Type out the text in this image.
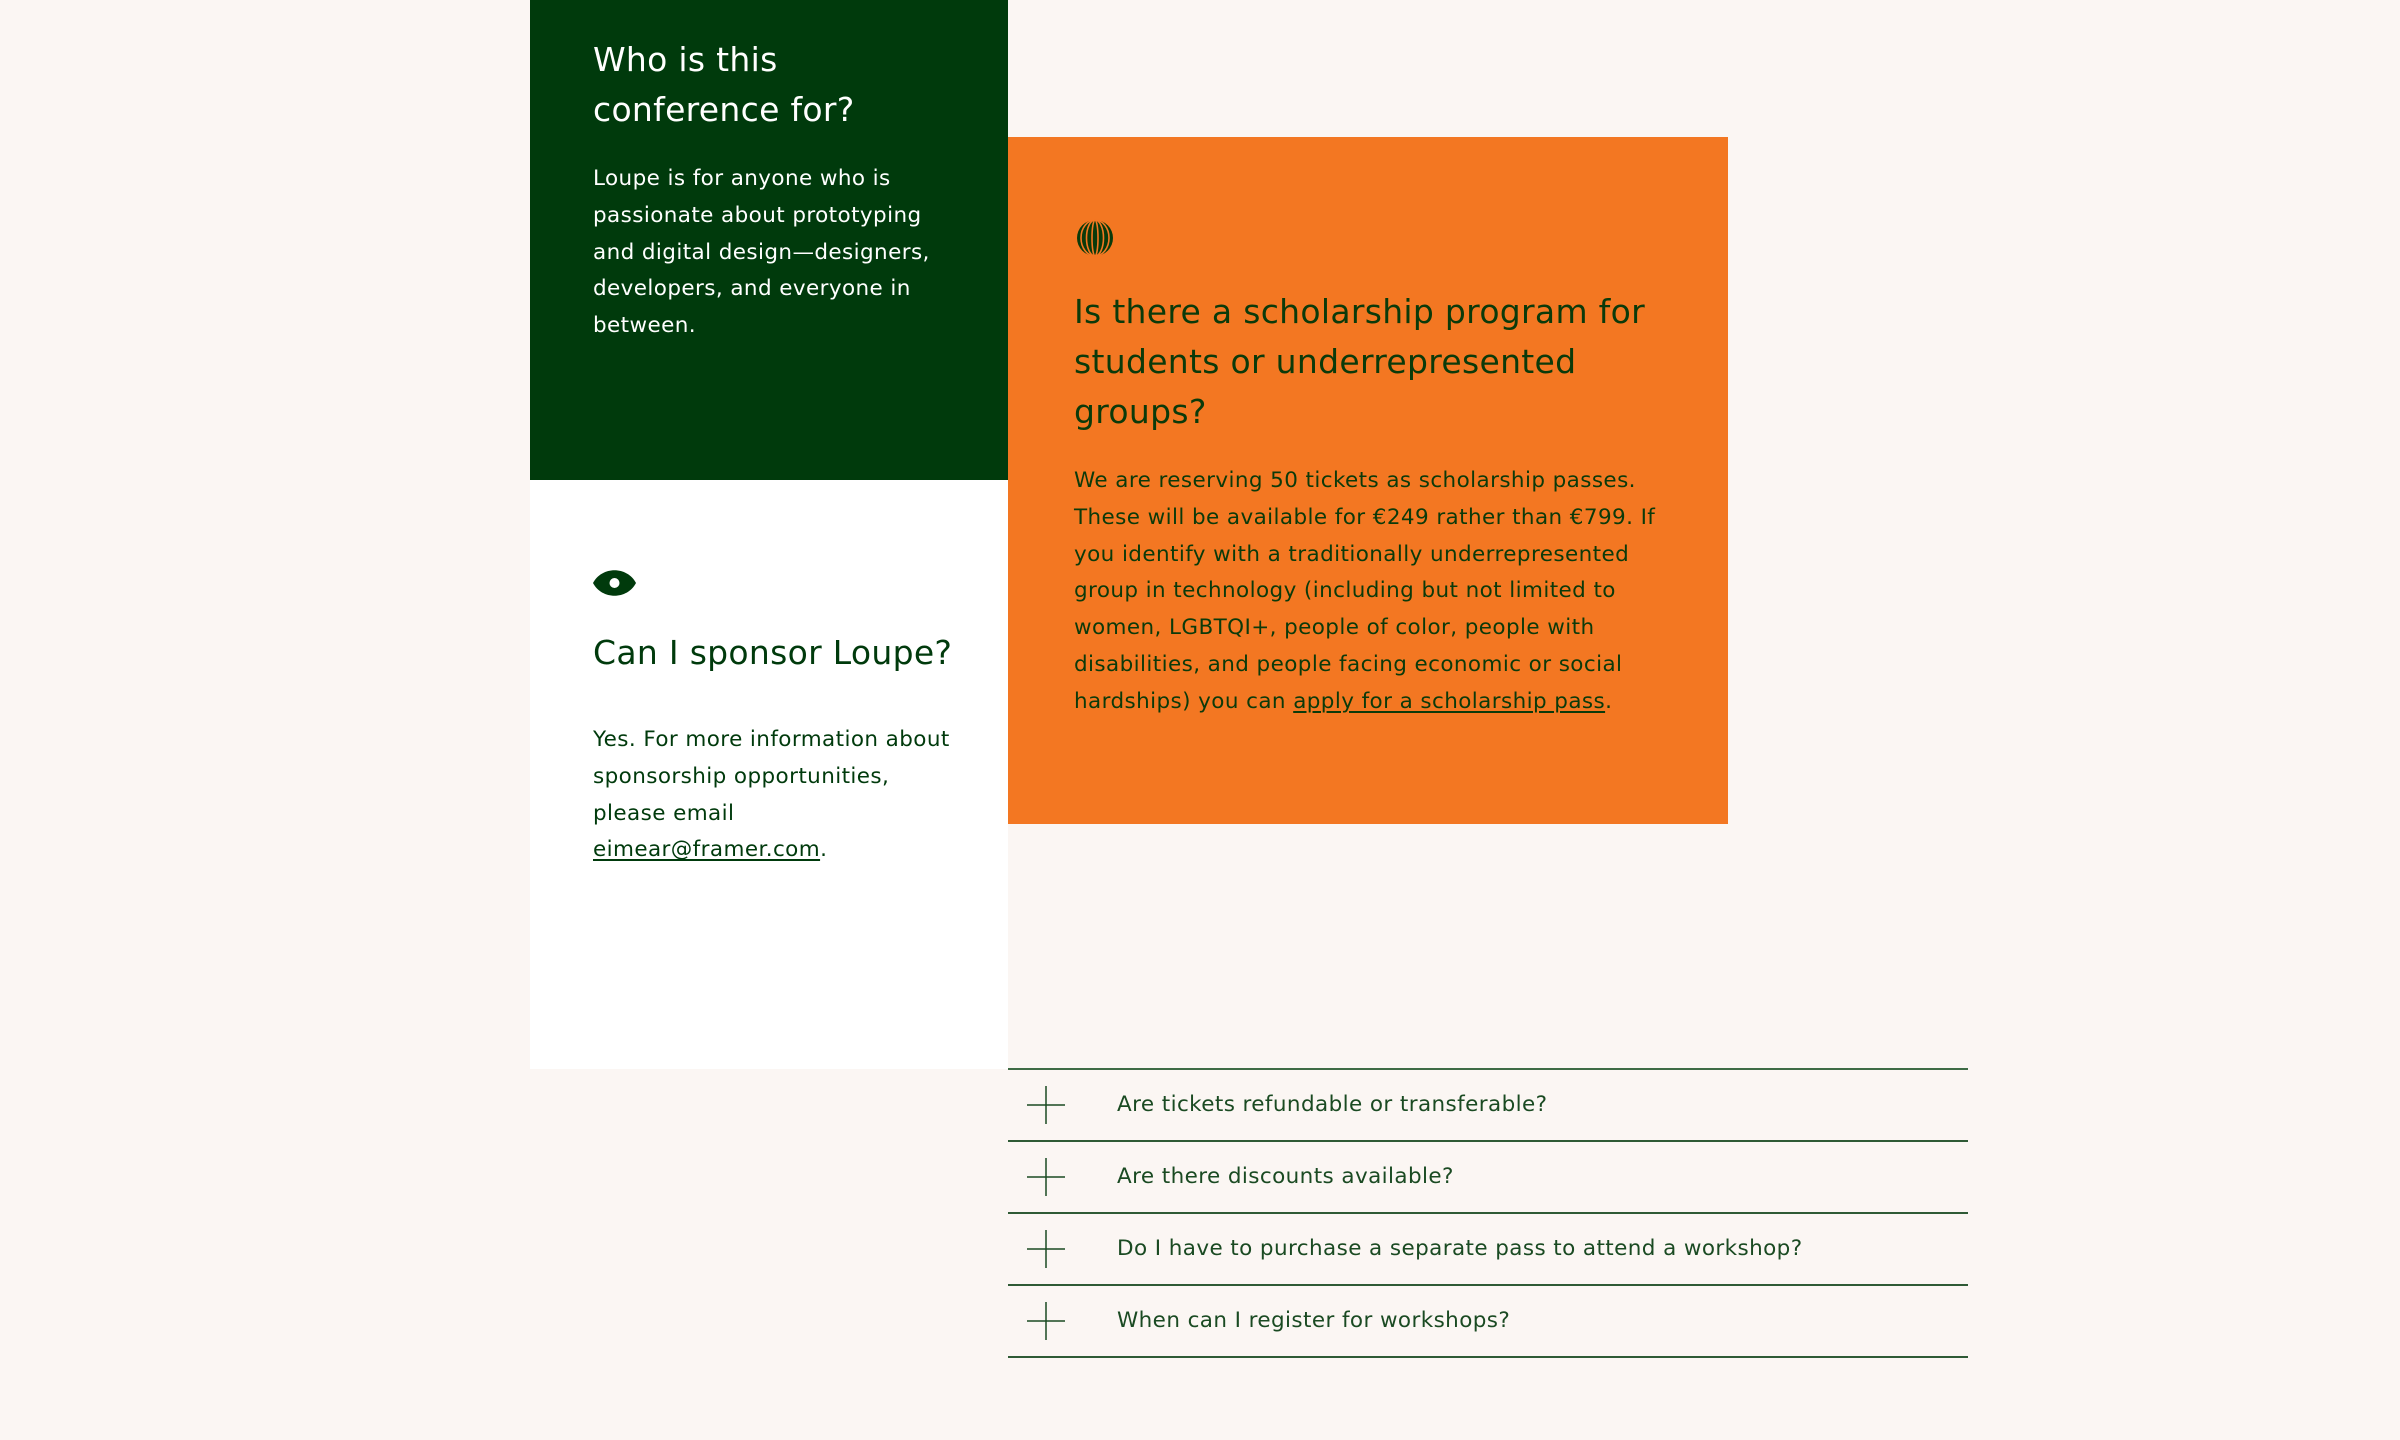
Who is this conference for?

Loupe is for anyone who is passionate about prototyping and digital design—designers, developers, and everyone in between.

Can I sponsor Loupe?

Yes. For more information about sponsorship opportunities, please email eimear@framer.com.

Is there a scholarship program for students or underrepresented groups?

We are reserving 50 tickets as scholarship passes. These will be available for €249 rather than €799. If you identify with a traditionally underrepresented group in technology (including but not limited to women, LGBTQI+, people of color, people with disabilities, and people facing economic or social hardships) you can apply for a scholarship pass.

Are tickets refundable or transferable?
Are there discounts available?
Do I have to purchase a separate pass to attend a workshop?
When can I register for workshops?
